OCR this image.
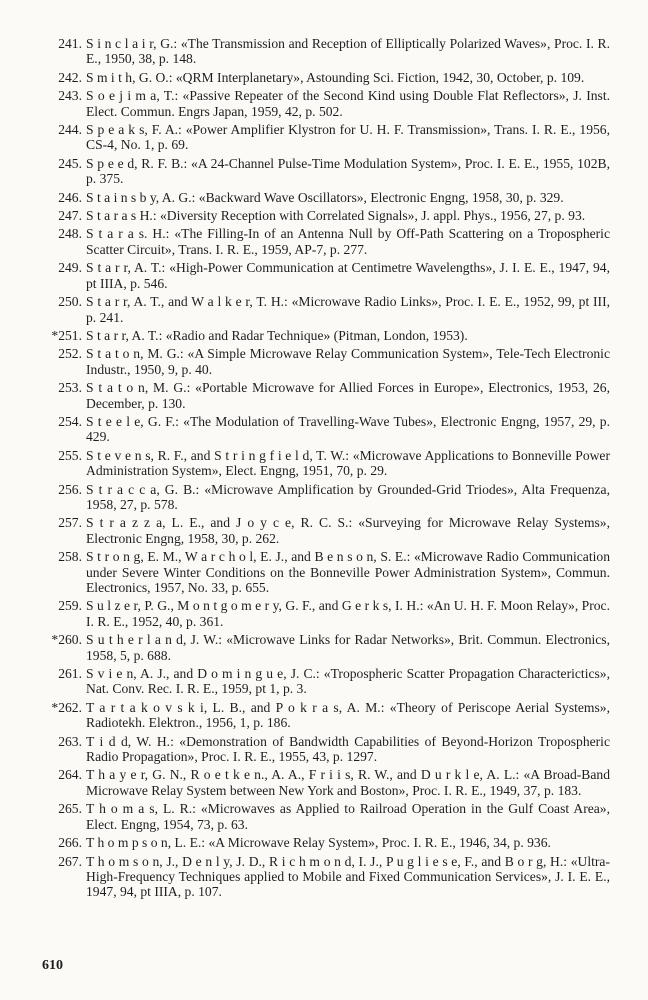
241. S i n c l a i r, G.: «The Transmission and Reception of Elliptically Polarized Waves», Proc. I. R. E., 1950, 38, p. 148.
242. S m i t h, G. O.: «QRM Interplanetary», Astounding Sci. Fiction, 1942, 30, October, p. 109.
243. S o e j i m a, T.: «Passive Repeater of the Second Kind using Double Flat Reflectors», J. Inst. Elect. Commun. Engrs Japan, 1959, 42, p. 502.
244. S p e a k s, F. A.: «Power Amplifier Klystron for U. H. F. Transmission», Trans. I. R. E., 1956, CS-4, No. 1, p. 69.
245. S p e e d, R. F. B.: «A 24-Channel Pulse-Time Modulation System», Proc. I. E. E., 1955, 102B, p. 375.
246. S t a i n s b y, A. G.: «Backward Wave Oscillators», Electronic Engng, 1958, 30, p. 329.
247. S t a r a s H.: «Diversity Reception with Correlated Signals», J. appl. Phys., 1956, 27, p. 93.
248. S t a r a s. H.: «The Filling-In of an Antenna Null by Off-Path Scattering on a Tropospheric Scatter Circuit», Trans. I. R. E., 1959, AP-7, p. 277.
249. S t a r r, A. T.: «High-Power Communication at Centimetre Wavelengths», J. I. E. E., 1947, 94, pt IIIA, p. 546.
250. S t a r r, A. T., and W a l k e r, T. H.: «Microwave Radio Links», Proc. I. E. E., 1952, 99, pt III, p. 241.
*251. S t a r r, A. T.: «Radio and Radar Technique» (Pitman, London, 1953).
252. S t a t o n, M. G.: «A Simple Microwave Relay Communication System», Tele-Tech Electronic Industr., 1950, 9, p. 40.
253. S t a t o n, M. G.: «Portable Microwave for Allied Forces in Europe», Electronics, 1953, 26, December, p. 130.
254. S t e e l e, G. F.: «The Modulation of Travelling-Wave Tubes», Electronic Engng, 1957, 29, p. 429.
255. S t e v e n s, R. F., and S t r i n g f i e l d, T. W.: «Microwave Applications to Bonneville Power Administration System», Elect. Engng, 1951, 70, p. 29.
256. S t r a c c a, G. B.: «Microwave Amplification by Grounded-Grid Triodes», Alta Frequenza, 1958, 27, p. 578.
257. S t r a z z a, L. E., and J o y c e, R. C. S.: «Surveying for Microwave Relay Systems», Electronic Engng, 1958, 30, p. 262.
258. S t r o n g, E. M., W a r c h o l, E. J., and B e n s o n, S. E.: «Microwave Radio Communication under Severe Winter Conditions on the Bonneville Power Administration System», Commun. Electronics, 1957, No. 33, p. 655.
259. S u l z e r, P. G., M o n t g o m e r y, G. F., and G e r k s, I. H.: «An U. H. F. Moon Relay», Proc. I. R. E., 1952, 40, p. 361.
*260. S u t h e r l a n d, J. W.: «Microwave Links for Radar Networks», Brit. Commun. Electronics, 1958, 5, p. 688.
261. S v i e n, A. J., and D o m i n g u e, J. C.: «Tropospheric Scatter Propagation Characterictics», Nat. Conv. Rec. I. R. E., 1959, pt 1, p. 3.
*262. T a r t a k o v s k i, L. B., and P o k r a s, A. M.: «Theory of Periscope Aerial Systems», Radiotekh. Elektron., 1956, 1, p. 186.
263. T i d d, W. H.: «Demonstration of Bandwidth Capabilities of Beyond-Horizon Tropospheric Radio Propagation», Proc. I. R. E., 1955, 43, p. 1297.
264. T h a y e r, G. N., R o e t k e n., A. A., F r i i s, R. W., and D u r k l e, A. L.: «A Broad-Band Microwave Relay System between New York and Boston», Proc. I. R. E., 1949, 37, p. 183.
265. T h o m a s, L. R.: «Microwaves as Applied to Railroad Operation in the Gulf Coast Area», Elect. Engng, 1954, 73, p. 63.
266. T h o m p s o n, L. E.: «A Microwave Relay System», Proc. I. R. E., 1946, 34, p. 936.
267. T h o m s o n, J., D e n l y, J. D., R i c h m o n d, I. J., P u g l i e s e, F., and B o r g, H.: «Ultra-High-Frequency Techniques applied to Mobile and Fixed Communication Services», J. I. E. E., 1947, 94, pt IIIA, p. 107.
610
